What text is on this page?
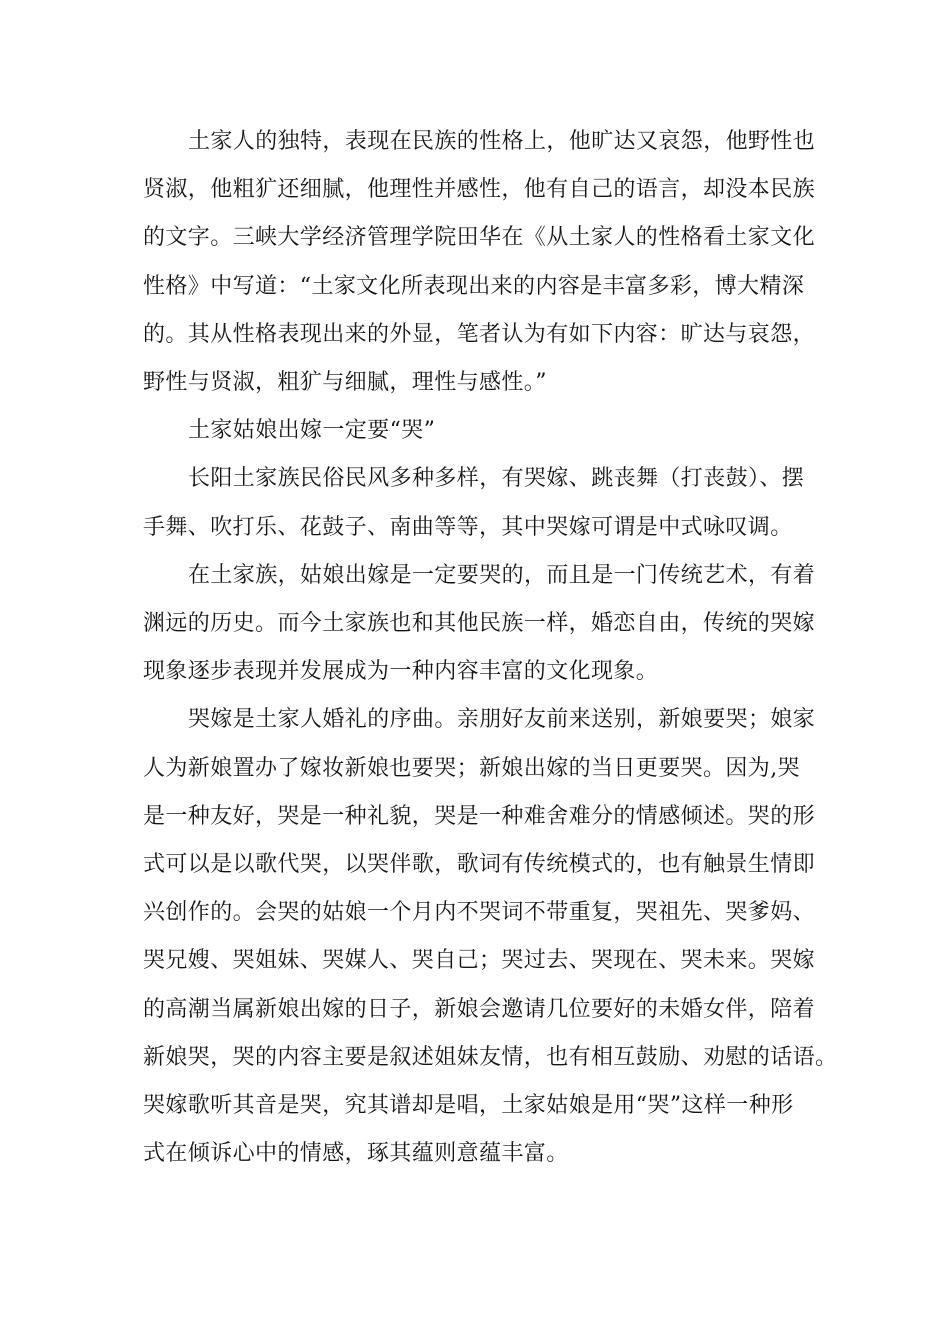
土家人的独特，表现在民族的性格上，他旷达又哀怨，他野性也
贤淑，他粗犷还细腻，他理性并感性，他有自己的语言，却没本民族
的文字。三峡大学经济管理学院田华在《从土家人的性格看土家文化
性格》中写道：“土家文化所表现出来的内容是丰富多彩，博大精深
的。其从性格表现出来的外显，笔者认为有如下内容：旷达与哀怨，
野性与贤淑，粗犷与细腻，理性与感性。”

土家姑娘出嫁一定要“哭”

长阳土家族民俗民风多种多样，有哭嫁、跳丧舞（打丧鼓）、摆
手舞、吹打乐、花鼓子、南曲等等，其中哭嫁可谓是中式咏叹调。

在土家族，姑娘出嫁是一定要哭的，而且是一门传统艺术，有着
渊远的历史。而今土家族也和其他民族一样，婚恋自由，传统的哭嫁
现象逐步表现并发展成为一种内容丰富的文化现象。

哭嫁是土家人婚礼的序曲。亲朋好友前来送别，新娘要哭；娘家
人为新娘置办了嫁妆新娘也要哭；新娘出嫁的当日更要哭。因为,哭
是一种友好，哭是一种礼貌，哭是一种难舍难分的情感倾述。哭的形
式可以是以歌代哭，以哭伴歌，歌词有传统模式的，也有触景生情即
兴创作的。会哭的姑娘一个月内不哭词不带重复，哭祖先、哭爹妈、
哭兄嫂、哭姐妹、哭媒人、哭自己；哭过去、哭现在、哭未来。哭嫁
的高潮当属新娘出嫁的日子，新娘会邀请几位要好的未婚女伴，陪着
新娘哭，哭的内容主要是叙述姐妹友情，也有相互鼓励、劝慰的话语。
哭嫁歌听其音是哭，究其谱却是唱，土家姑娘是用“哭”这样一种形
式在倾诉心中的情感，琢其蕴则意蕴丰富。
